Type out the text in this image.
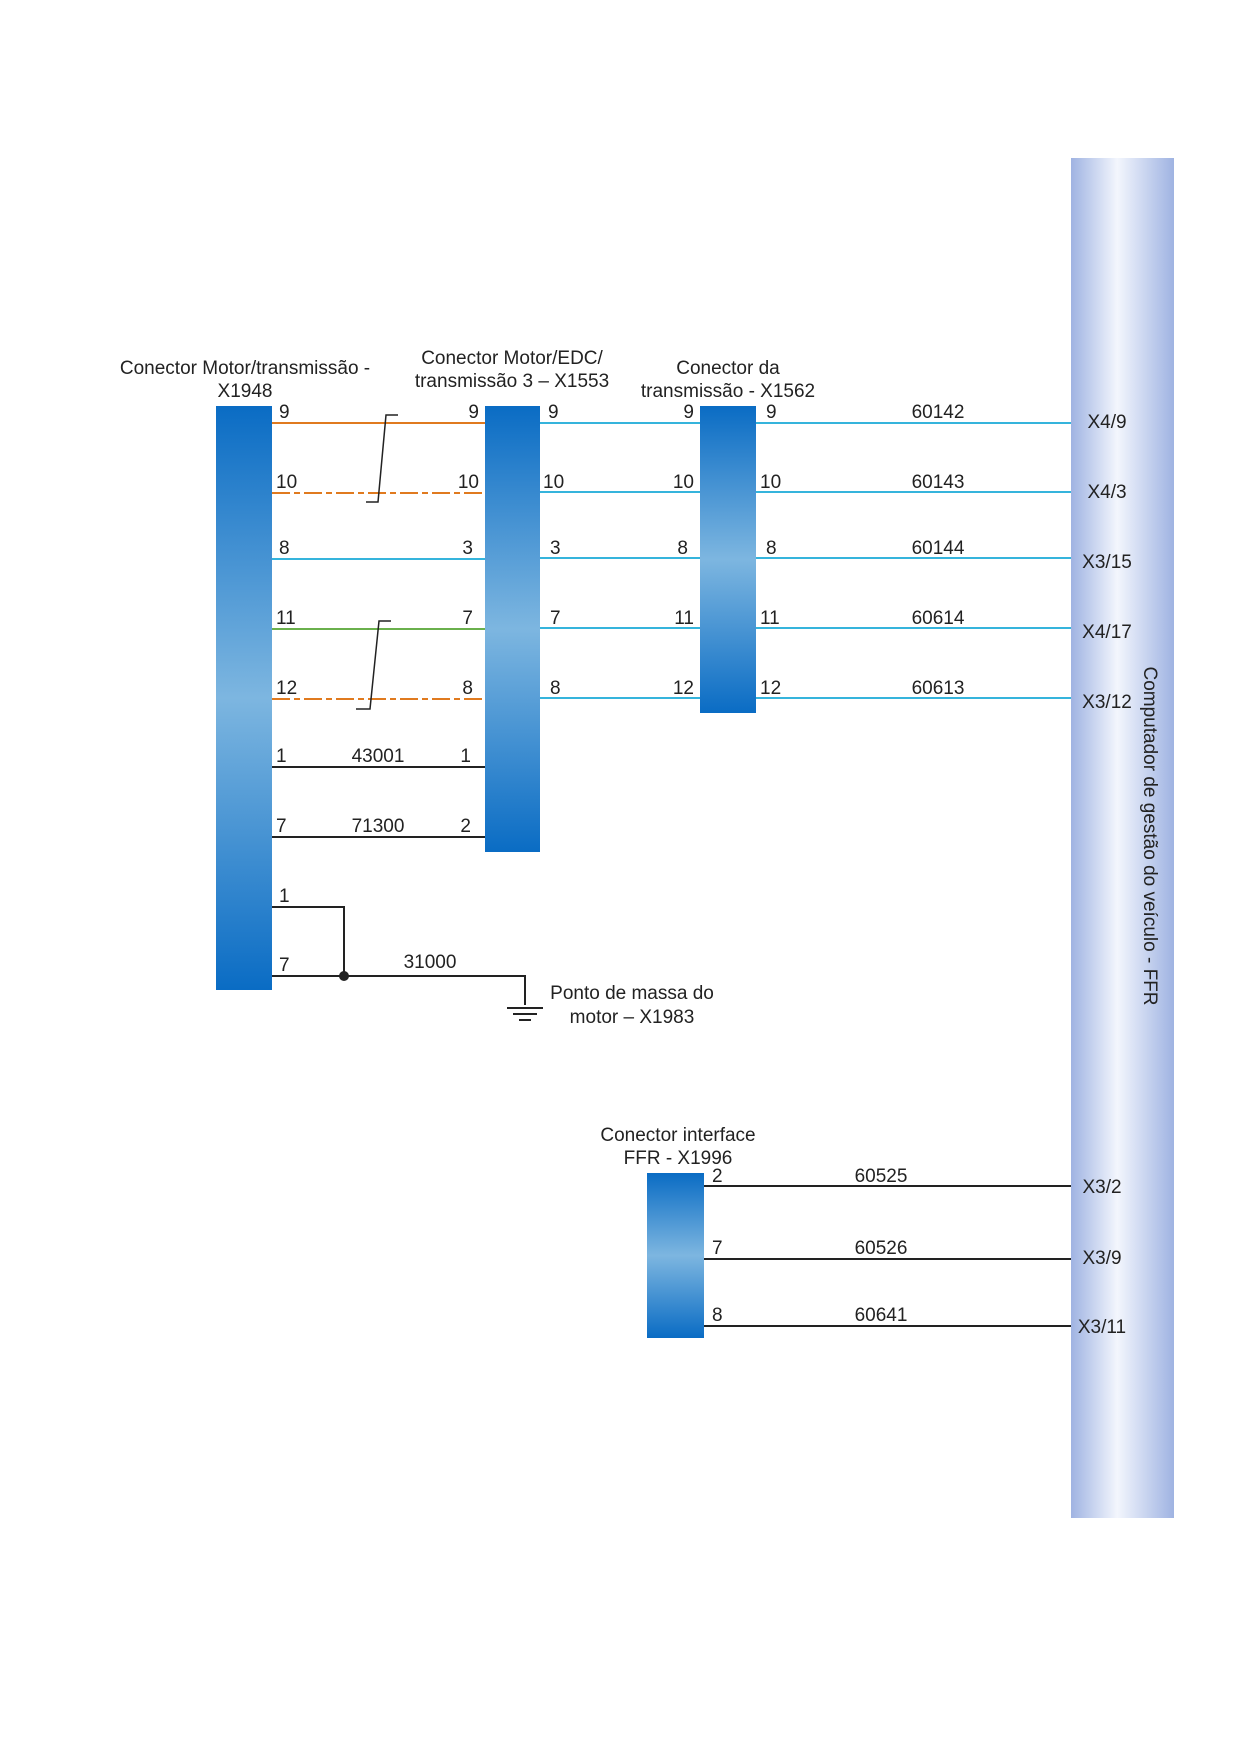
Computador de gestão do veículo - FFR
Conector Motor/transmissão -
X1948
Conector Motor/EDC/
transmissão 3 – X1553
Conector da
transmissão - X1562
Conector interface
FFR - X1996
9
10
8
11
12
1
7
1
7
9
10
3
7
8
1
2
9
10
3
7
8
9
10
8
11
12
9
10
8
11
12
2
7
8
60142
60143
60144
60614
60613
43001
71300
31000
60525
60526
60641
Ponto de massa do
motor – X1983
X4/9
X4/3
X3/15
X4/17
X3/12
X3/2
X3/9
X3/11
